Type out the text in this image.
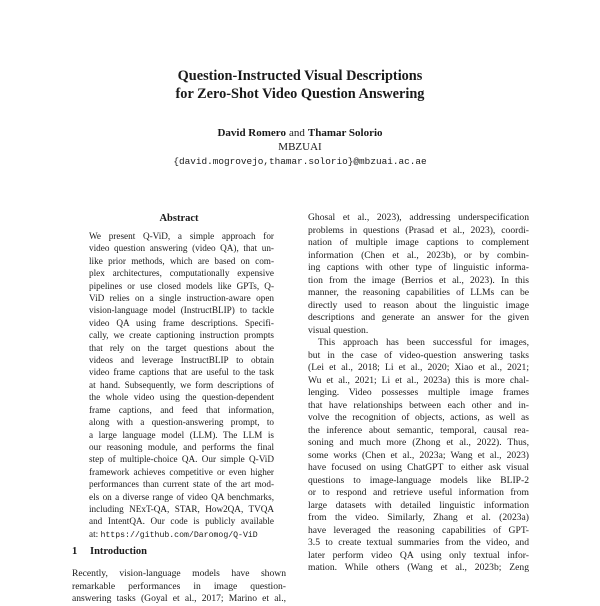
Question-Instructed Visual Descriptions
for Zero-Shot Video Question Answering
David Romero and Thamar Solorio
MBZUAI
{david.mogrovejo,thamar.solorio}@mbzuai.ac.ae
Abstract
We present Q-ViD, a simple approach for
video question answering (video QA), that un-
like prior methods, which are based on com-
plex architectures, computationally expensive
pipelines or use closed models like GPTs, Q-
ViD relies on a single instruction-aware open
vision-language model (InstructBLIP) to tackle
video QA using frame descriptions. Specifi-
cally, we create captioning instruction prompts
that rely on the target questions about the
videos and leverage InstructBLIP to obtain
video frame captions that are useful to the task
at hand. Subsequently, we form descriptions of
the whole video using the question-dependent
frame captions, and feed that information,
along with a question-answering prompt, to
a large language model (LLM). The LLM is
our reasoning module, and performs the final
step of multiple-choice QA. Our simple Q-ViD
framework achieves competitive or even higher
performances than current state of the art mod-
els on a diverse range of video QA benchmarks,
including NExT-QA, STAR, How2QA, TVQA
and IntentQA. Our code is publicly available
at: https://github.com/Daromog/Q-ViD
1 Introduction
Recently, vision-language models have shown
remarkable performances in image question-
answering tasks (Goyal et al., 2017; Marino et al.,
Ghosal et al., 2023), addressing underspecification
problems in questions (Prasad et al., 2023), coordi-
nation of multiple image captions to complement
information (Chen et al., 2023b), or by combin-
ing captions with other type of linguistic informa-
tion from the image (Berrios et al., 2023). In this
manner, the reasoning capabilities of LLMs can be
directly used to reason about the linguistic image
descriptions and generate an answer for the given
visual question.
This approach has been successful for images,
but in the case of video-question answering tasks
(Lei et al., 2018; Li et al., 2020; Xiao et al., 2021;
Wu et al., 2021; Li et al., 2023a) this is more chal-
lenging. Video possesses multiple image frames
that have relationships between each other and in-
volve the recognition of objects, actions, as well as
the inference about semantic, temporal, causal rea-
soning and much more (Zhong et al., 2022). Thus,
some works (Chen et al., 2023a; Wang et al., 2023)
have focused on using ChatGPT to either ask visual
questions to image-language models like BLIP-2
or to respond and retrieve useful information from
large datasets with detailed linguistic information
from the video. Similarly, Zhang et al. (2023a)
have leveraged the reasoning capabilities of GPT-
3.5 to create textual summaries from the video, and
later perform video QA using only textual infor-
mation. While others (Wang et al., 2023b; Zeng
